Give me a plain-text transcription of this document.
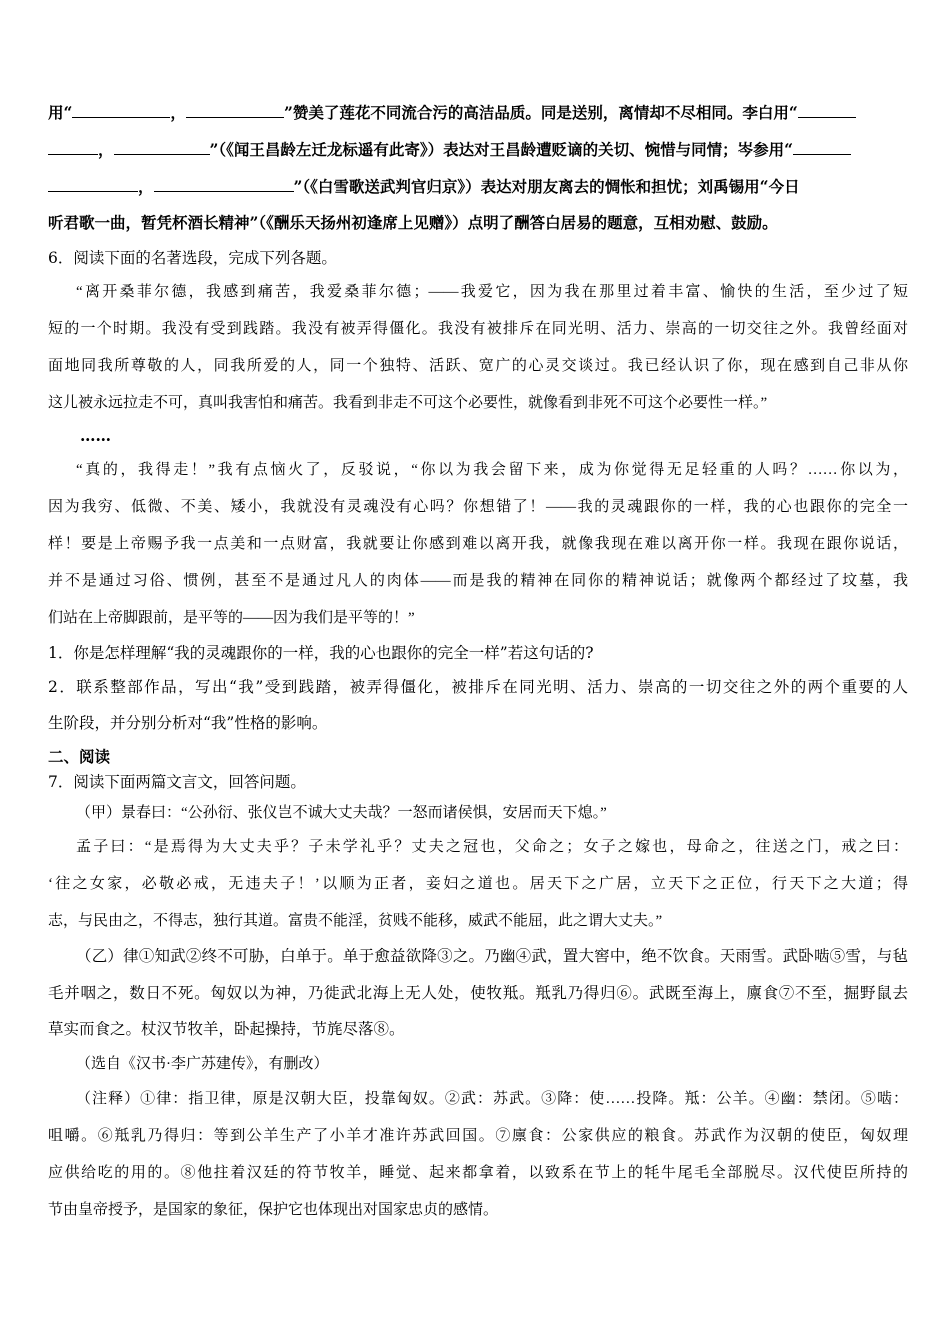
用“	，	”赞美了莲花不同流合污的高洁品质。同是送别，离情却不尽相同。李白用“
，	”（《闻王昌龄左迁龙标遥有此寄》）表达对王昌龄遭贬谪的关切、惋惜与同情；岑参用“
，	”（《白雪歌送武判官归京》）表达对朋友离去的惆怅和担忧；刘禹锡用“今日
听君歌一曲，暂凭杯酒长精神”（《酬乐天扬州初逢席上见赠》）点明了酬答白居易的题意，互相劝慰、鼓励。
6．阅读下面的名著选段，完成下列各题。
“离开桑菲尔德，我感到痛苦，我爱桑菲尔德；——我爱它，因为我在那里过着丰富、愉快的生活，至少过了短
短的一个时期。我没有受到践踏。我没有被弄得僵化。我没有被排斥在同光明、活力、崇高的一切交往之外。我曾经面对
面地同我所尊敬的人，同我所爱的人，同一个独特、活跃、宽广的心灵交谈过。我已经认识了你，现在感到自己非从你
这儿被永远拉走不可，真叫我害怕和痛苦。我看到非走不可这个必要性，就像看到非死不可这个必要性一样。”
……
“真的，我得走！”我有点恼火了，反驳说，“你以为我会留下来，成为你觉得无足轻重的人吗？……你以为，
因为我穷、低微、不美、矮小，我就没有灵魂没有心吗？你想错了！——我的灵魂跟你的一样，我的心也跟你的完全一
样！要是上帝赐予我一点美和一点财富，我就要让你感到难以离开我，就像我现在难以离开你一样。我现在跟你说话，
并不是通过习俗、惯例，甚至不是通过凡人的肉体——而是我的精神在同你的精神说话；就像两个都经过了坟墓，我
们站在上帝脚跟前，是平等的——因为我们是平等的！”
1．你是怎样理解“我的灵魂跟你的一样，我的心也跟你的完全一样”若这句话的?
2．联系整部作品，写出“我”受到践踏，被弄得僵化，被排斥在同光明、活力、崇高的一切交往之外的两个重要的人
生阶段，并分别分析对“我”性格的影响。
二、阅读
7．阅读下面两篇文言文，回答问题。
（甲）景春曰：“公孙衍、张仪岂不诚大丈夫哉？一怒而诸侯惧，安居而天下熄。”
孟子曰：“是焉得为大丈夫乎？子未学礼乎？丈夫之冠也，父命之；女子之嫁也，母命之，往送之门，戒之曰：
‘往之女家，必敬必戒，无违夫子！’以顺为正者，妾妇之道也。居天下之广居，立天下之正位，行天下之大道；得
志，与民由之，不得志，独行其道。富贵不能淫，贫贱不能移，威武不能屈，此之谓大丈夫。”
（乙）律①知武②终不可胁，白单于。单于愈益欲降③之。乃幽④武，置大窖中，绝不饮食。天雨雪。武卧啮⑤雪，与毡
毛并咽之，数日不死。匈奴以为神，乃徙武北海上无人处，使牧羝。羝乳乃得归⑥。武既至海上，廪食⑦不至，掘野鼠去
草实而食之。杖汉节牧羊，卧起操持，节旄尽落⑧。
（选自《汉书·李广苏建传》，有删改）
（注释）①律：指卫律，原是汉朝大臣，投靠匈奴。②武：苏武。③降：使……投降。羝：公羊。④幽：禁闭。⑤啮：
咀嚼。⑥羝乳乃得归：等到公羊生产了小羊才准许苏武回国。⑦廪食：公家供应的粮食。苏武作为汉朝的使臣，匈奴理
应供给吃的用的。⑧他拄着汉廷的符节牧羊，睡觉、起来都拿着，以致系在节上的牦牛尾毛全部脱尽。汉代使臣所持的
节由皇帝授予，是国家的象征，保护它也体现出对国家忠贞的感情。
